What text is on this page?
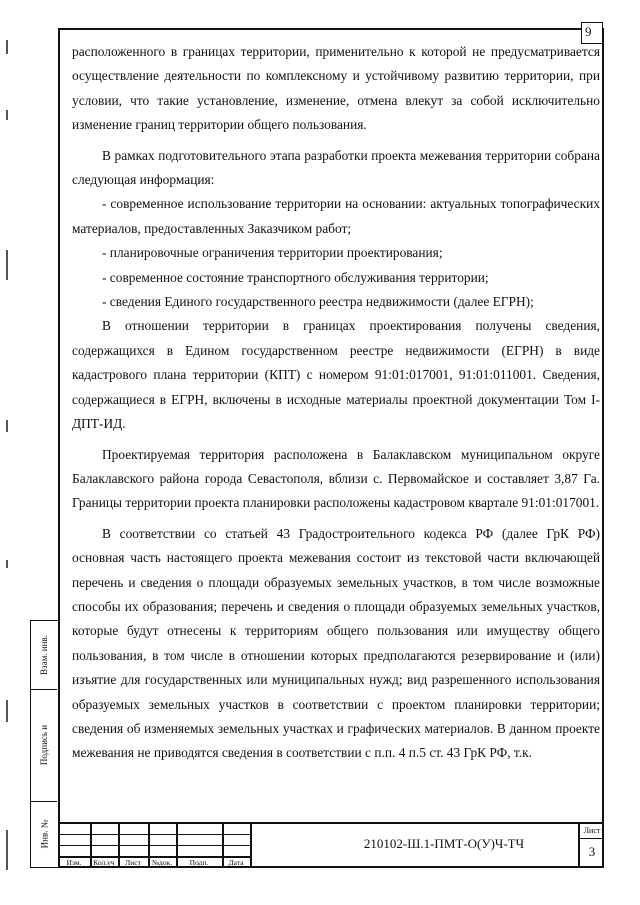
9

расположенного в границах территории, применительно к которой не предусматривается осуществление деятельности по комплексному и устойчивому развитию территории, при условии, что такие установление, изменение, отмена влекут за собой исключительно изменение границ территории общего пользования.

В рамках подготовительного этапа разработки проекта межевания территории собрана следующая информация:

- современное использование территории на основании: актуальных топографических материалов, предоставленных Заказчиком работ;

- планировочные ограничения территории проектирования;

- современное состояние транспортного обслуживания территории;

- сведения Единого государственного реестра недвижимости (далее ЕГРН);

В отношении территории в границах проектирования получены сведения, содержащихся в Едином государственном реестре недвижимости (ЕГРН) в виде кадастрового плана территории (КПТ) с номером 91:01:017001, 91:01:011001. Сведения, содержащиеся в ЕГРН, включены в исходные материалы проектной документации Том I-ДПТ-ИД.

Проектируемая территория расположена в Балаклавском муниципальном округе Балаклавского района города Севастополя, вблизи с. Первомайское и составляет 3,87 Га. Границы территории проекта планировки расположены кадастровом квартале 91:01:017001.

В соответствии со статьей 43 Градостроительного кодекса РФ (далее ГрК РФ) основная часть настоящего проекта межевания состоит из текстовой части включающей перечень и сведения о площади образуемых земельных участков, в том числе возможные способы их образования; перечень и сведения о площади образуемых земельных участков, которые будут отнесены к территориям общего пользования или имуществу общего пользования, в том числе в отношении которых предполагаются резервирование и (или) изъятие для государственных или муниципальных нужд; вид разрешенного использования образуемых земельных участков в соответствии с проектом планировки территории; сведения об изменяемых земельных участках и графических материалов. В данном проекте межевания не приводятся сведения в соответствии с п.п. 4 п.5 ст. 43 ГрК РФ, т.к.

Взам. инв.
Подпись и
Инв. №
Изм.	Кол.уч	Лист	№док.	Подп.	Дата
210102-Ш.1-ПМТ-О(У)Ч-ТЧ
Лист
3
